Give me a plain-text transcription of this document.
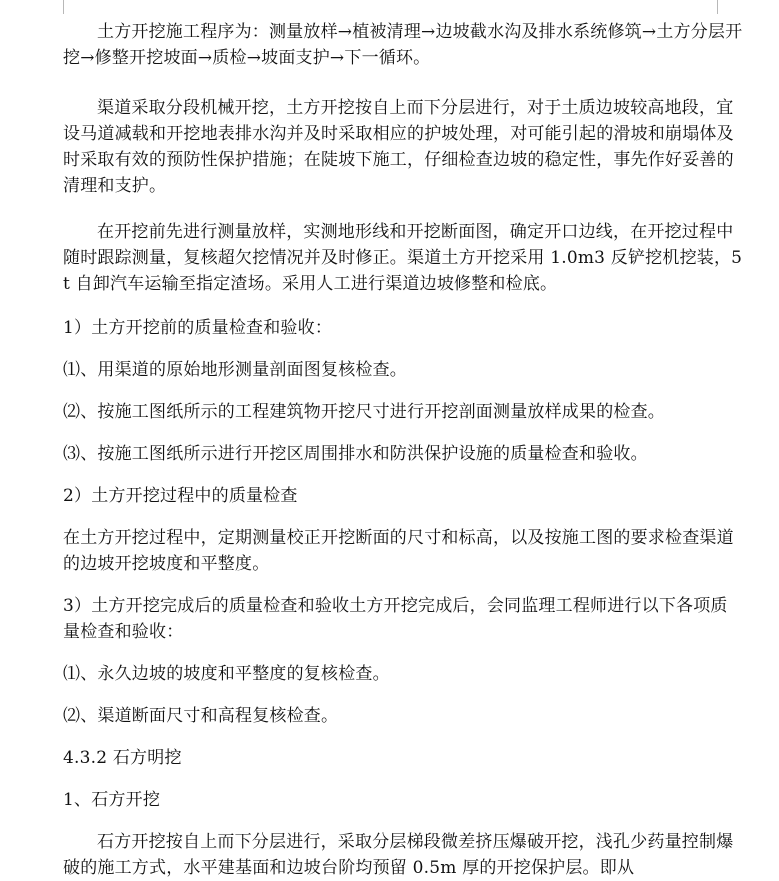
土方开挖施工程序为：测量放样→植被清理→边坡截水沟及排水系统修筑→土方分层开挖→修整开挖坡面→质检→坡面支护→下一循环。

渠道采取分段机械开挖，土方开挖按自上而下分层进行，对于土质边坡较高地段，宜设马道减载和开挖地表排水沟并及时采取相应的护坡处理，对可能引起的滑坡和崩塌体及时采取有效的预防性保护措施；在陡坡下施工，仔细检查边坡的稳定性，事先作好妥善的清理和支护。

在开挖前先进行测量放样，实测地形线和开挖断面图，确定开口边线，在开挖过程中随时跟踪测量，复核超欠挖情况并及时修正。渠道土方开挖采用 1.0m3 反铲挖机挖装，5t 自卸汽车运输至指定渣场。采用人工进行渠道边坡修整和检底。

1）土方开挖前的质量检查和验收：

⑴、用渠道的原始地形测量剖面图复核检查。

⑵、按施工图纸所示的工程建筑物开挖尺寸进行开挖剖面测量放样成果的检查。

⑶、按施工图纸所示进行开挖区周围排水和防洪保护设施的质量检查和验收。

2）土方开挖过程中的质量检查

在土方开挖过程中，定期测量校正开挖断面的尺寸和标高，以及按施工图的要求检查渠道的边坡开挖坡度和平整度。

3）土方开挖完成后的质量检查和验收土方开挖完成后，会同监理工程师进行以下各项质量检查和验收：

⑴、永久边坡的坡度和平整度的复核检查。

⑵、渠道断面尺寸和高程复核检查。

4.3.2 石方明挖

1、石方开挖

石方开挖按自上而下分层进行，采取分层梯段微差挤压爆破开挖，浅孔少药量控制爆破的施工方式，水平建基面和边坡台阶均预留 0.5m 厚的开挖保护层。即从
